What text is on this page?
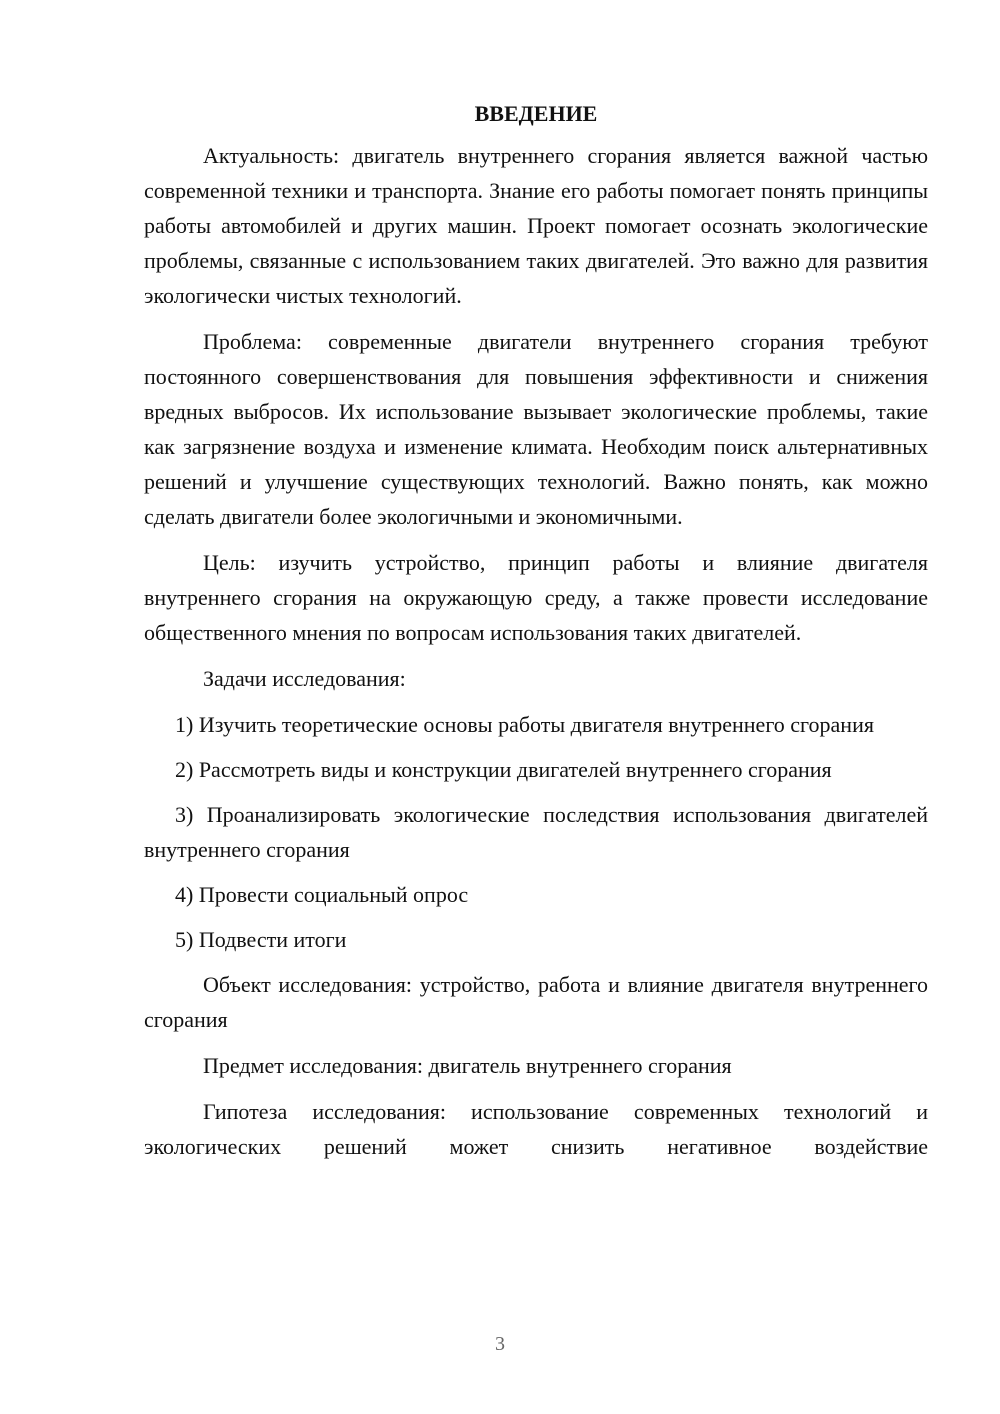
ВВЕДЕНИЕ

Актуальность: двигатель внутреннего сгорания является важной частью современной техники и транспорта. Знание его работы помогает понять принципы работы автомобилей и других машин. Проект помогает осознать экологические проблемы, связанные с использованием таких двигателей. Это важно для развития экологически чистых технологий.

Проблема: современные двигатели внутреннего сгорания требуют постоянного совершенствования для повышения эффективности и снижения вредных выбросов. Их использование вызывает экологические проблемы, такие как загрязнение воздуха и изменение климата. Необходим поиск альтернативных решений и улучшение существующих технологий. Важно понять, как можно сделать двигатели более экологичными и экономичными.

Цель: изучить устройство, принцип работы и влияние двигателя внутреннего сгорания на окружающую среду, а также провести исследование общественного мнения по вопросам использования таких двигателей.

Задачи исследования:

1) Изучить теоретические основы работы двигателя внутреннего сгорания

2) Рассмотреть виды и конструкции двигателей внутреннего сгорания

3) Проанализировать экологические последствия использования двигателей внутреннего сгорания

4) Провести социальный опрос

5) Подвести итоги

Объект исследования: устройство, работа и влияние двигателя внутреннего сгорания

Предмет исследования: двигатель внутреннего сгорания

Гипотеза исследования: использование современных технологий и экологических решений может снизить негативное воздействие

3
